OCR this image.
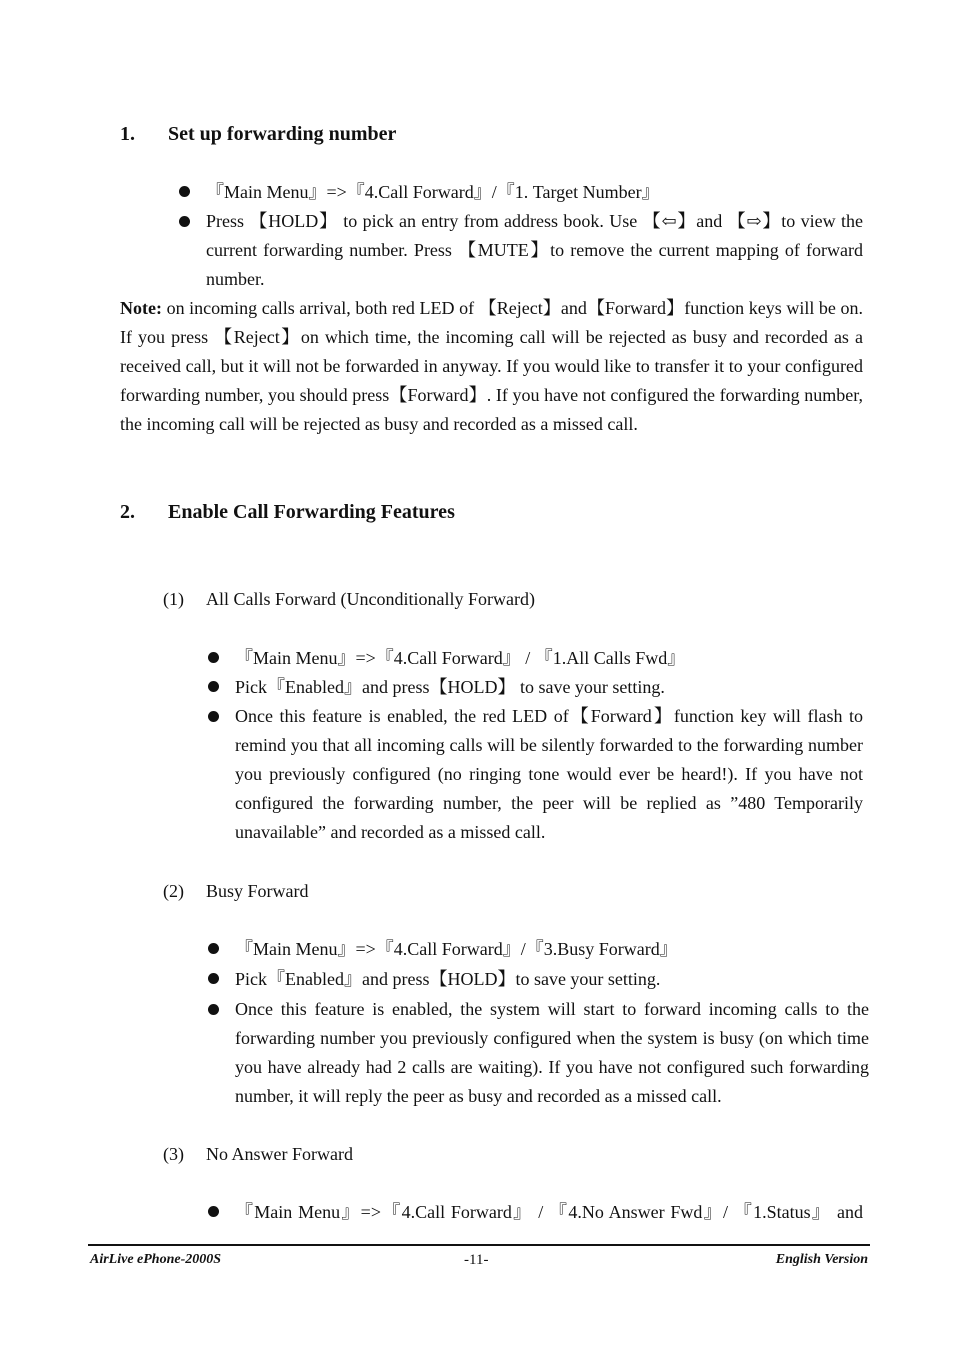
1. Set up forwarding number
『Main Menu』=>『4.Call Forward』/『1. Target Number』
Press 【HOLD】 to pick an entry from address book. Use 【⇦】and 【⇨】to view the current forwarding number. Press 【MUTE】to remove the current mapping of forward number.
Note: on incoming calls arrival, both red LED of 【Reject】and【Forward】function keys will be on. If you press 【Reject】on which time, the incoming call will be rejected as busy and recorded as a received call, but it will not be forwarded in anyway. If you would like to transfer it to your configured forwarding number, you should press【Forward】. If you have not configured the forwarding number, the incoming call will be rejected as busy and recorded as a missed call.
2. Enable Call Forwarding Features
(1) All Calls Forward (Unconditionally Forward)
『Main Menu』=>『4.Call Forward』 / 『1.All Calls Fwd』
Pick『Enabled』and press【HOLD】 to save your setting.
Once this feature is enabled, the red LED of【Forward】function key will flash to remind you that all incoming calls will be silently forwarded to the forwarding number you previously configured (no ringing tone would ever be heard!). If you have not configured the forwarding number, the peer will be replied as ”480 Temporarily unavailable” and recorded as a missed call.
(2) Busy Forward
『Main Menu』=>『4.Call Forward』/『3.Busy Forward』
Pick『Enabled』and press【HOLD】to save your setting.
Once this feature is enabled, the system will start to forward incoming calls to the forwarding number you previously configured when the system is busy (on which time you have already had 2 calls are waiting). If you have not configured such forwarding number, it will reply the peer as busy and recorded as a missed call.
(3) No Answer Forward
『Main Menu』=>『4.Call Forward』 / 『4.No Answer Fwd』/ 『1.Status』 and
AirLive ePhone-2000S	-11-	English Version
